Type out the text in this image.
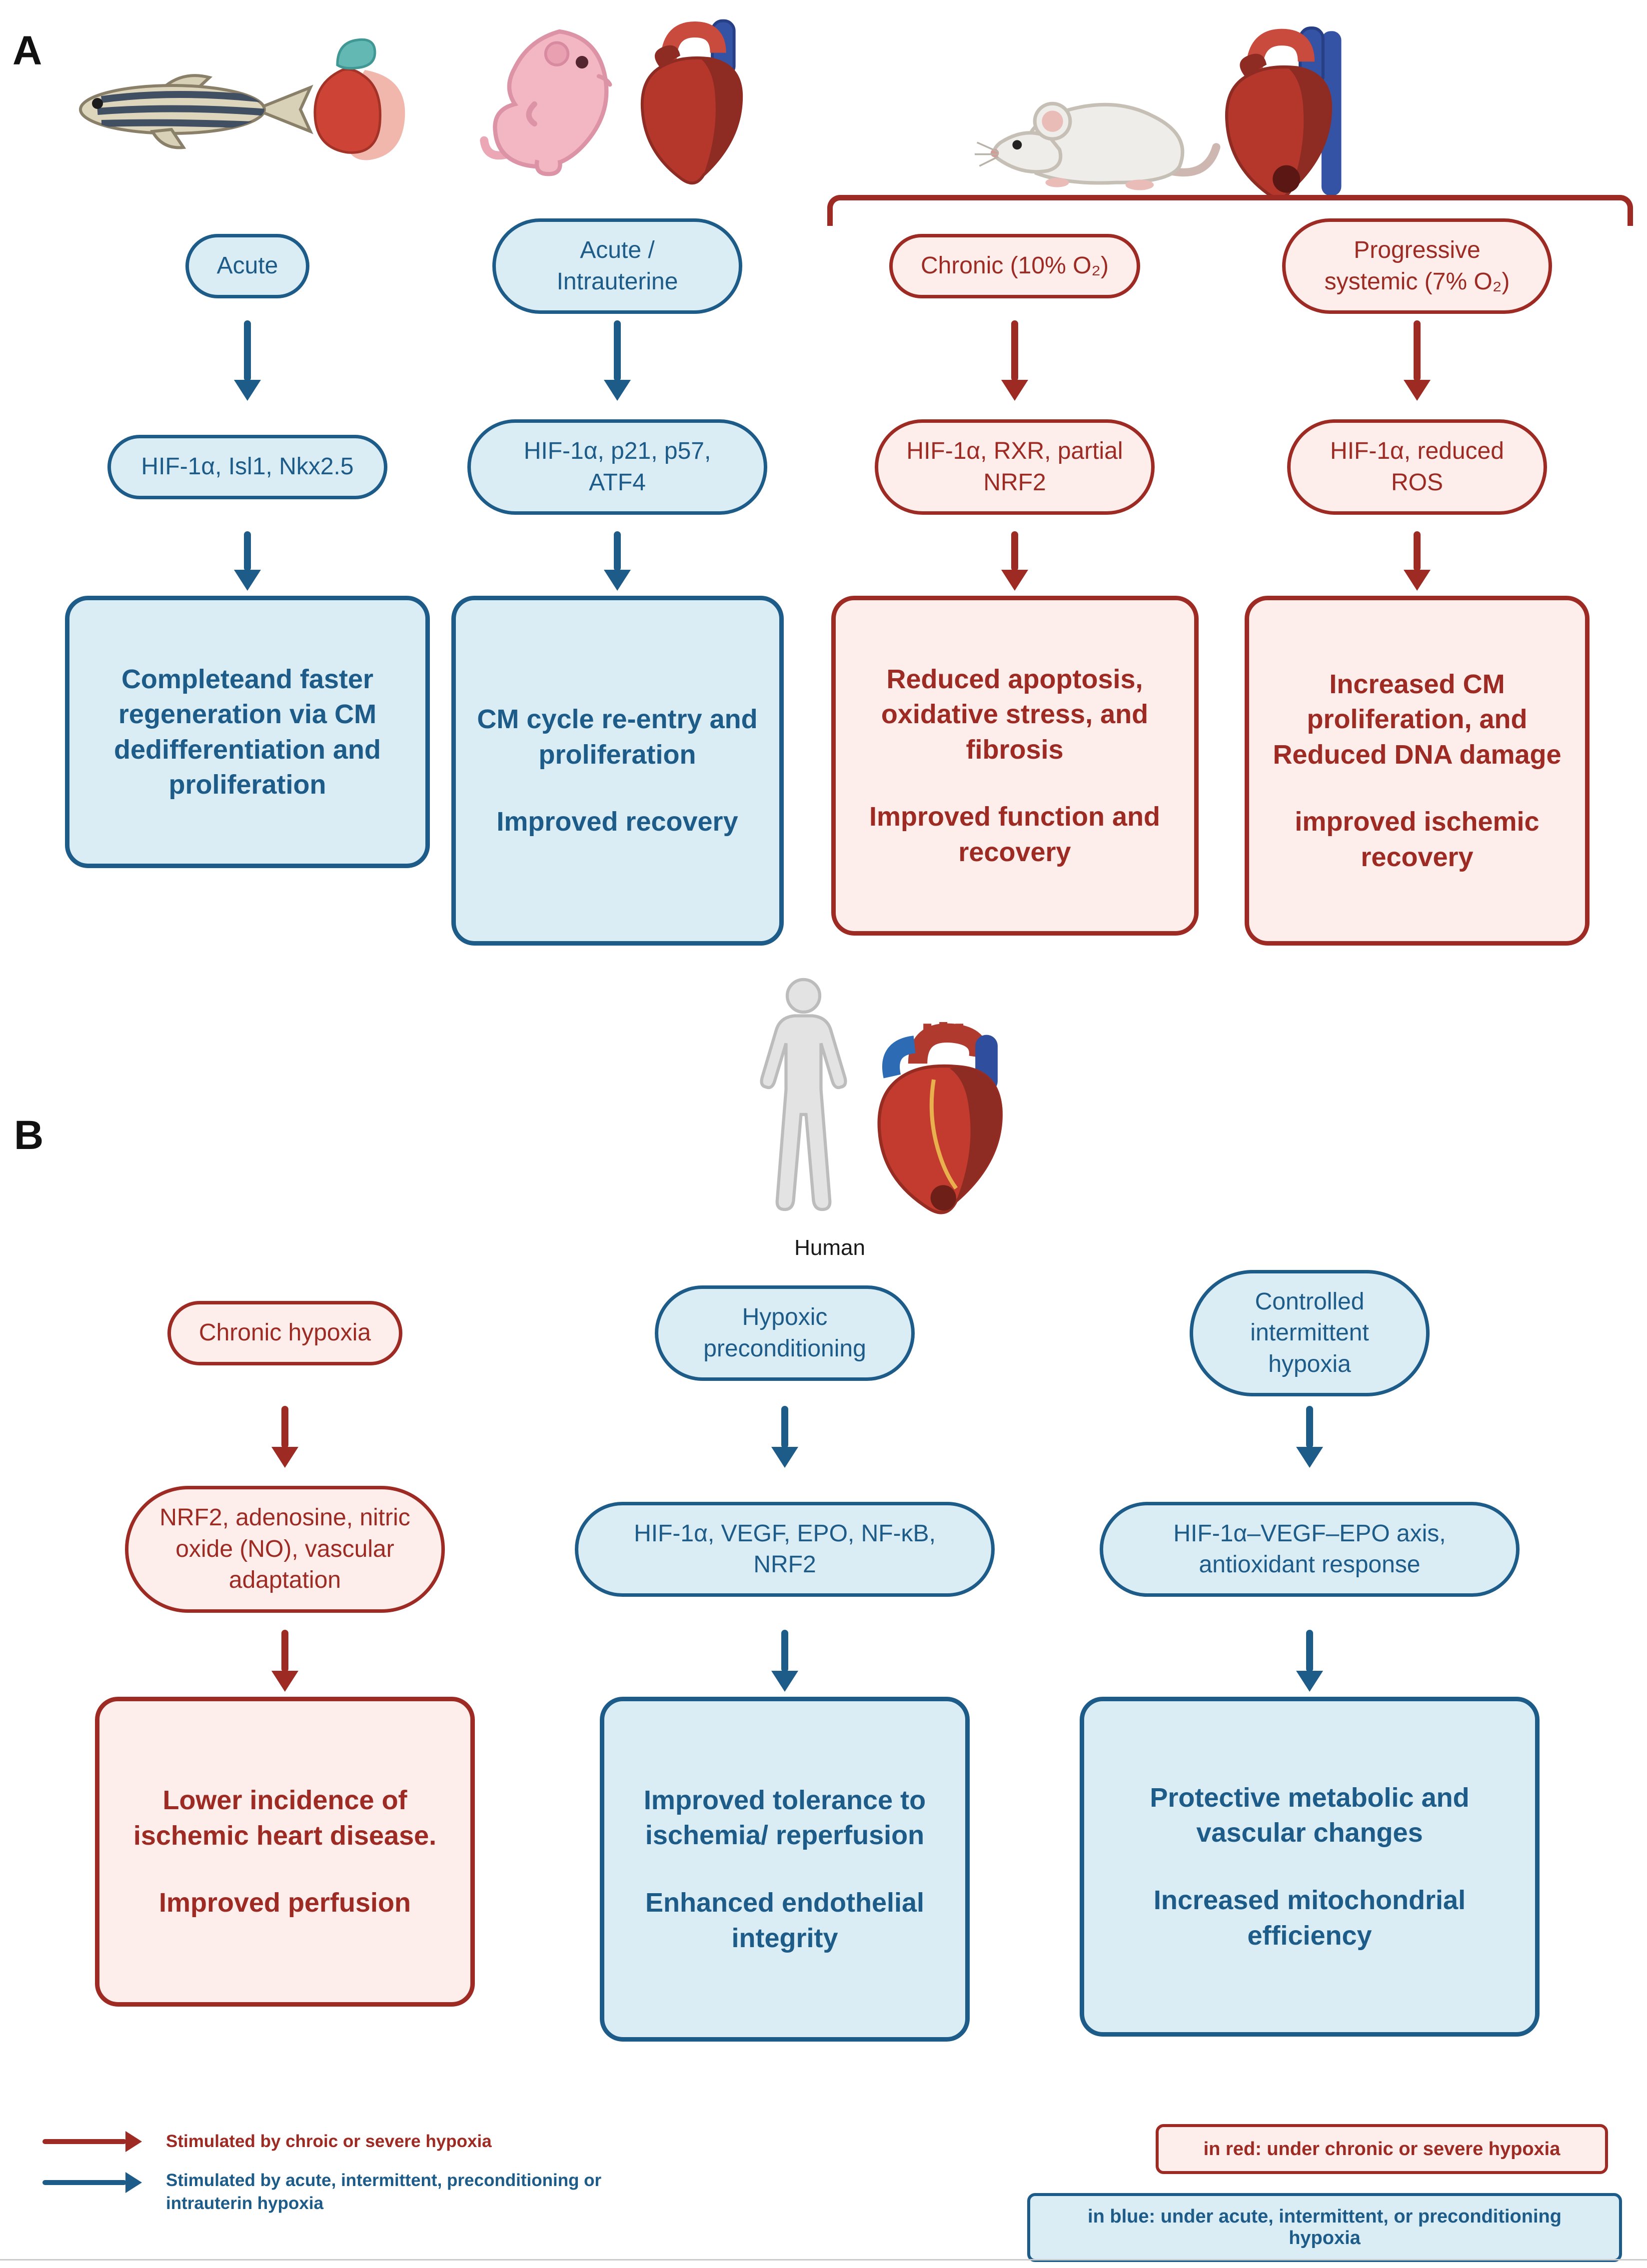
A
Acute
HIF-1α, Isl1, Nkx2.5

Completeand faster regeneration via CM dedifferentiation and proliferation

Acute / Intrauterine
HIF-1α, p21, p57, ATF4

CM cycle re-entry and proliferation

Improved recovery

Chronic (10% O₂)
HIF-1α, RXR, partial NRF2

Reduced apoptosis, oxidative stress, and fibrosis

Improved function and recovery

Progressive systemic (7% O₂)
HIF-1α, reduced ROS

Increased CM proliferation, and Reduced DNA damage

improved ischemic recovery

B
Human
Chronic hypoxia
NRF2, adenosine, nitric oxide (NO), vascular adaptation

Lower incidence of ischemic heart disease.

Improved perfusion

Hypoxic preconditioning
HIF-1α, VEGF, EPO, NF-κB, NRF2

Improved tolerance to ischemia/ reperfusion

Enhanced endothelial integrity

Controlled intermittent hypoxia
HIF-1α–VEGF–EPO axis, antioxidant response

Protective metabolic and vascular changes

Increased mitochondrial efficiency

Stimulated by chroic or severe hypoxia
Stimulated by acute, intermittent, preconditioning or intrauterin hypoxia
in red: under chronic or severe hypoxia
in blue: under acute, intermittent, or preconditioning hypoxia
